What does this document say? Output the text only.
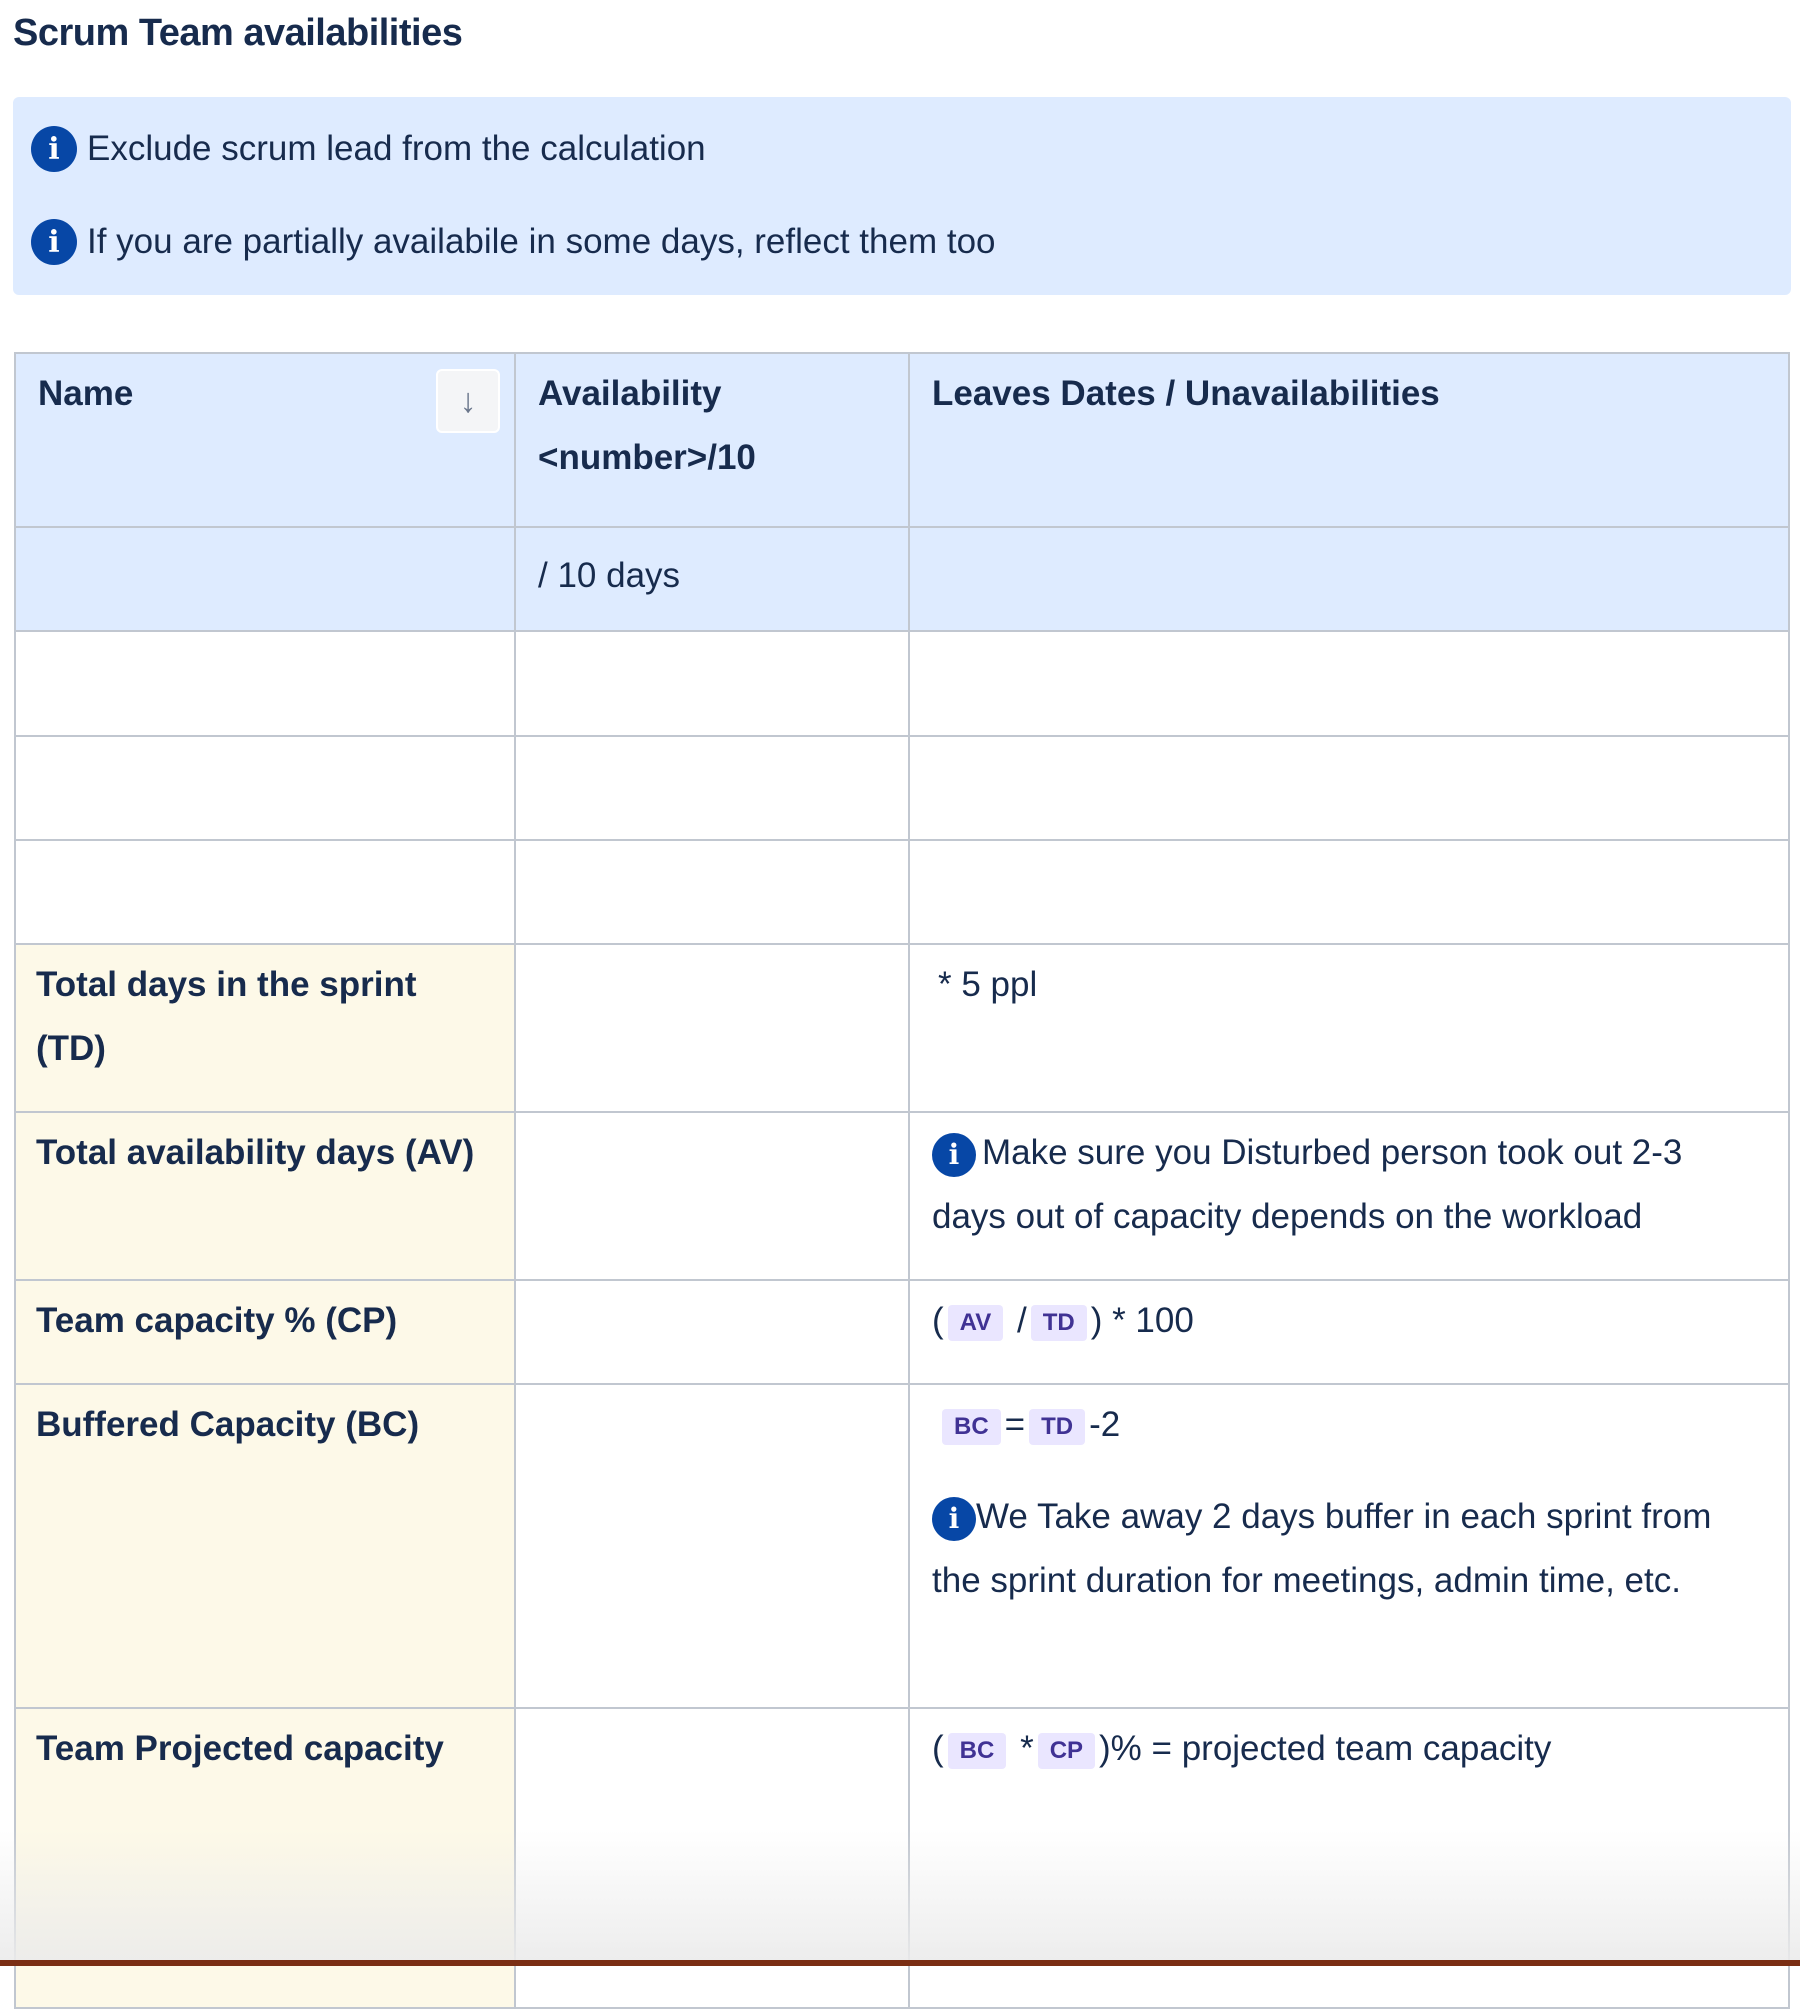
Scrum Team availabilities
i Exclude scrum lead from the calculation
i If you are partially availabile in some days, reflect them too
Name ↓	Availability <number>/10	Leaves Dates / Unavailabilities
	/ 10 days	

Total days in the sprint (TD)		* 5 ppl
Total availability days (AV)		i Make sure you Disturbed person took out 2-3 days out of capacity depends on the workload
Team capacity % (CP)		( AV / TD ) * 100
Buffered Capacity (BC)		BC = TD -2
i We Take away 2 days buffer in each sprint from the sprint duration for meetings, admin time, etc.

Team Projected capacity		( BC * CP )% = projected team capacity
